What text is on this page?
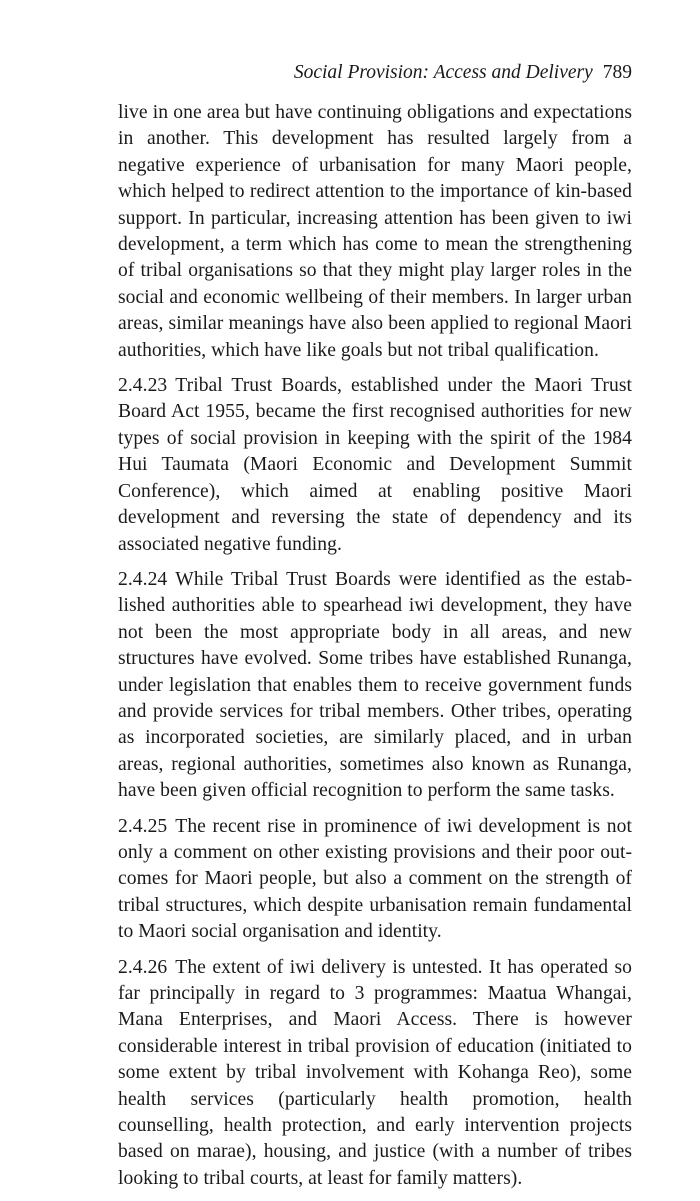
Social Provision: Access and Delivery 789

live in one area but have continuing obligations and expectations in another. This development has resulted largely from a negative experience of urbanisation for many Maori people, which helped to redirect attention to the importance of kin-based support. In particular, increasing attention has been given to iwi development, a term which has come to mean the strengthening of tribal organisations so that they might play larger roles in the social and economic wellbeing of their members. In larger urban areas, similar meanings have also been applied to regional Maori authorities, which have like goals but not tribal qualification.

2.4.23 Tribal Trust Boards, established under the Maori Trust Board Act 1955, became the first recognised authorities for new types of social provision in keeping with the spirit of the 1984 Hui Taumata (Maori Economic and Development Summit Conference), which aimed at enabling positive Maori development and reversing the state of dependency and its associated negative funding.

2.4.24 While Tribal Trust Boards were identified as the established authorities able to spearhead iwi development, they have not been the most appropriate body in all areas, and new structures have evolved. Some tribes have established Runanga, under legislation that enables them to receive government funds and provide services for tribal members. Other tribes, operating as incorporated societies, are similarly placed, and in urban areas, regional authorities, sometimes also known as Runanga, have been given official recognition to perform the same tasks.

2.4.25 The recent rise in prominence of iwi development is not only a comment on other existing provisions and their poor outcomes for Maori people, but also a comment on the strength of tribal structures, which despite urbanisation remain fundamental to Maori social organisation and identity.

2.4.26 The extent of iwi delivery is untested. It has operated so far principally in regard to 3 programmes: Maatua Whangai, Mana Enterprises, and Maori Access. There is however considerable interest in tribal provision of education (initiated to some extent by tribal involvement with Kohanga Reo), some health services (particularly health promotion, health counselling, health protection, and early intervention projects based on marae), housing, and justice (with a number of tribes looking to tribal courts, at least for family matters).
